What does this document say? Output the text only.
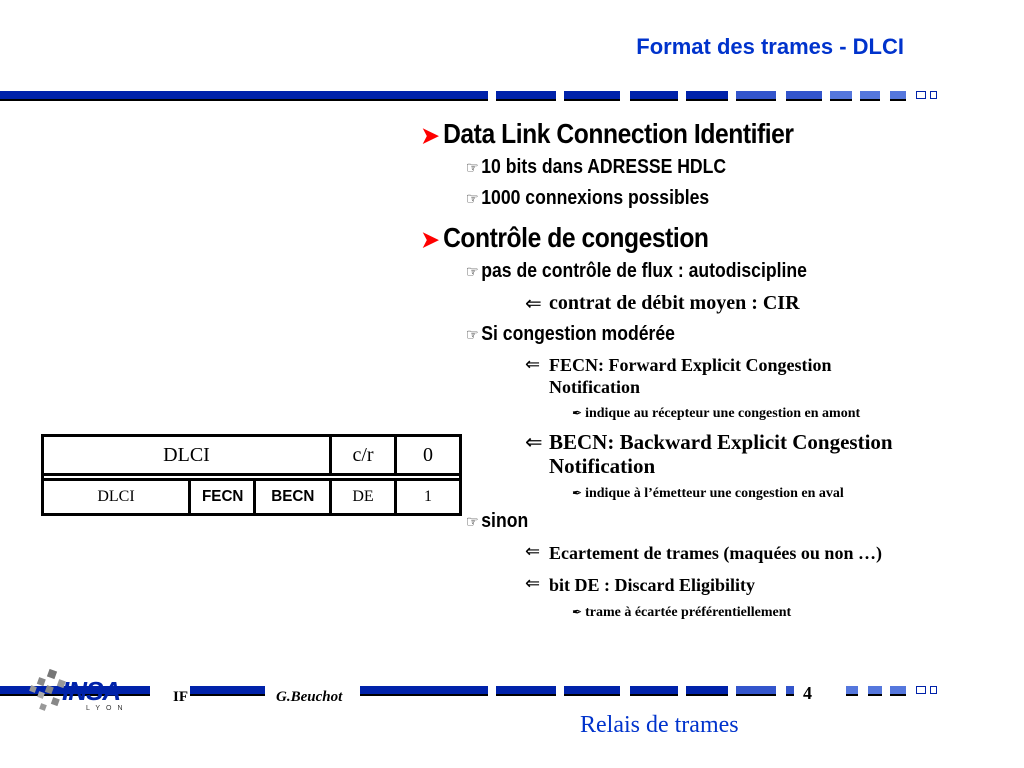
Format des trames - DLCI
➤ Data Link Connection Identifier
☞ 10 bits dans ADRESSE HDLC
☞ 1000 connexions possibles
➤ Contrôle de congestion
☞ pas de contrôle de flux : autodiscipline
⇐ contrat de débit moyen : CIR
☞ Si congestion modérée
⇐ FECN: Forward Explicit Congestion Notification
✒ indique au récepteur une congestion en amont
⇐ BECN: Backward Explicit Congestion Notification
✒ indique à l’émetteur une congestion en aval
☞ sinon
⇐ Ecartement de trames (maquées ou non …)
⇐ bit DE : Discard Eligibility
✒ trame à écartée préférentiellement
DLCI			c/r	0

DLCI	FECN	BECN	DE	1
INSA
LYON
IF	G.Beuchot	4
Relais de trames
